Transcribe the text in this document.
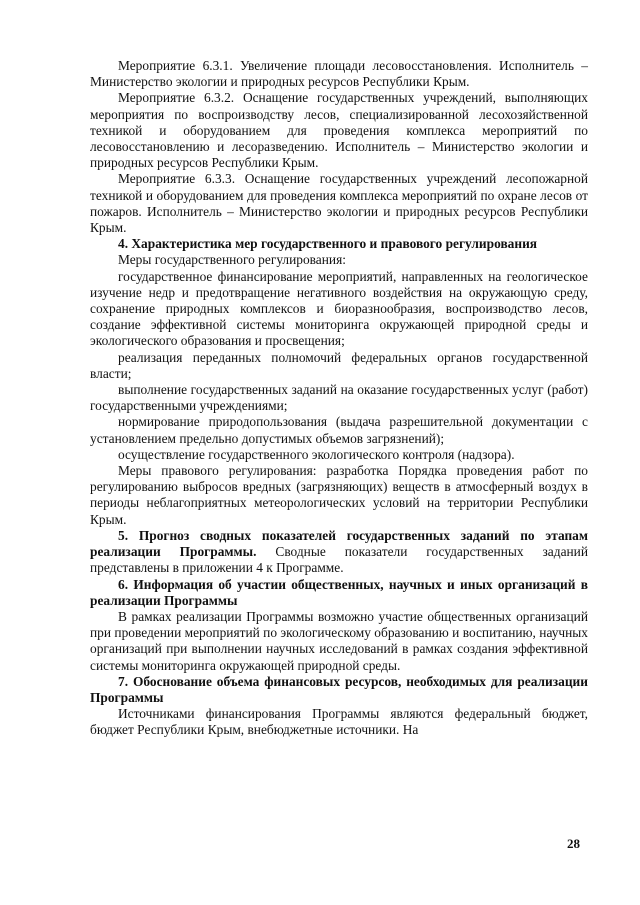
Мероприятие 6.3.1. Увеличение площади лесовосстановления. Исполнитель – Министерство экологии и природных ресурсов Республики Крым.

Мероприятие 6.3.2. Оснащение государственных учреждений, выполняющих мероприятия по воспроизводству лесов, специализированной лесохозяйственной техникой и оборудованием для проведения комплекса мероприятий по лесовосстановлению и лесоразведению. Исполнитель – Министерство экологии и природных ресурсов Республики Крым.

Мероприятие 6.3.3. Оснащение государственных учреждений лесопожарной техникой и оборудованием для проведения комплекса мероприятий по охране лесов от пожаров. Исполнитель – Министерство экологии и природных ресурсов Республики Крым.

4. Характеристика мер государственного и правового регулирования

Меры государственного регулирования:

государственное финансирование мероприятий, направленных на геологическое изучение недр и предотвращение негативного воздействия на окружающую среду, сохранение природных комплексов и биоразнообразия, воспроизводство лесов, создание эффективной системы мониторинга окружающей природной среды и экологического образования и просвещения;

реализация переданных полномочий федеральных органов государственной власти;

выполнение государственных заданий на оказание государственных услуг (работ) государственными учреждениями;

нормирование природопользования (выдача разрешительной документации с установлением предельно допустимых объемов загрязнений);

осуществление государственного экологического контроля (надзора).

Меры правового регулирования: разработка Порядка проведения работ по регулированию выбросов вредных (загрязняющих) веществ в атмосферный воздух в периоды неблагоприятных метеорологических условий на территории Республики Крым.

5. Прогноз сводных показателей государственных заданий по этапам реализации Программы. Сводные показатели государственных заданий представлены в приложении 4 к Программе.

6. Информация об участии общественных, научных и иных организаций в реализации Программы

В рамках реализации Программы возможно участие общественных организаций при проведении мероприятий по экологическому образованию и воспитанию, научных организаций при выполнении научных исследований в рамках создания эффективной системы мониторинга окружающей природной среды.

7. Обоснование объема финансовых ресурсов, необходимых для реализации Программы

Источниками финансирования Программы являются федеральный бюджет, бюджет Республики Крым, внебюджетные источники. На

28
